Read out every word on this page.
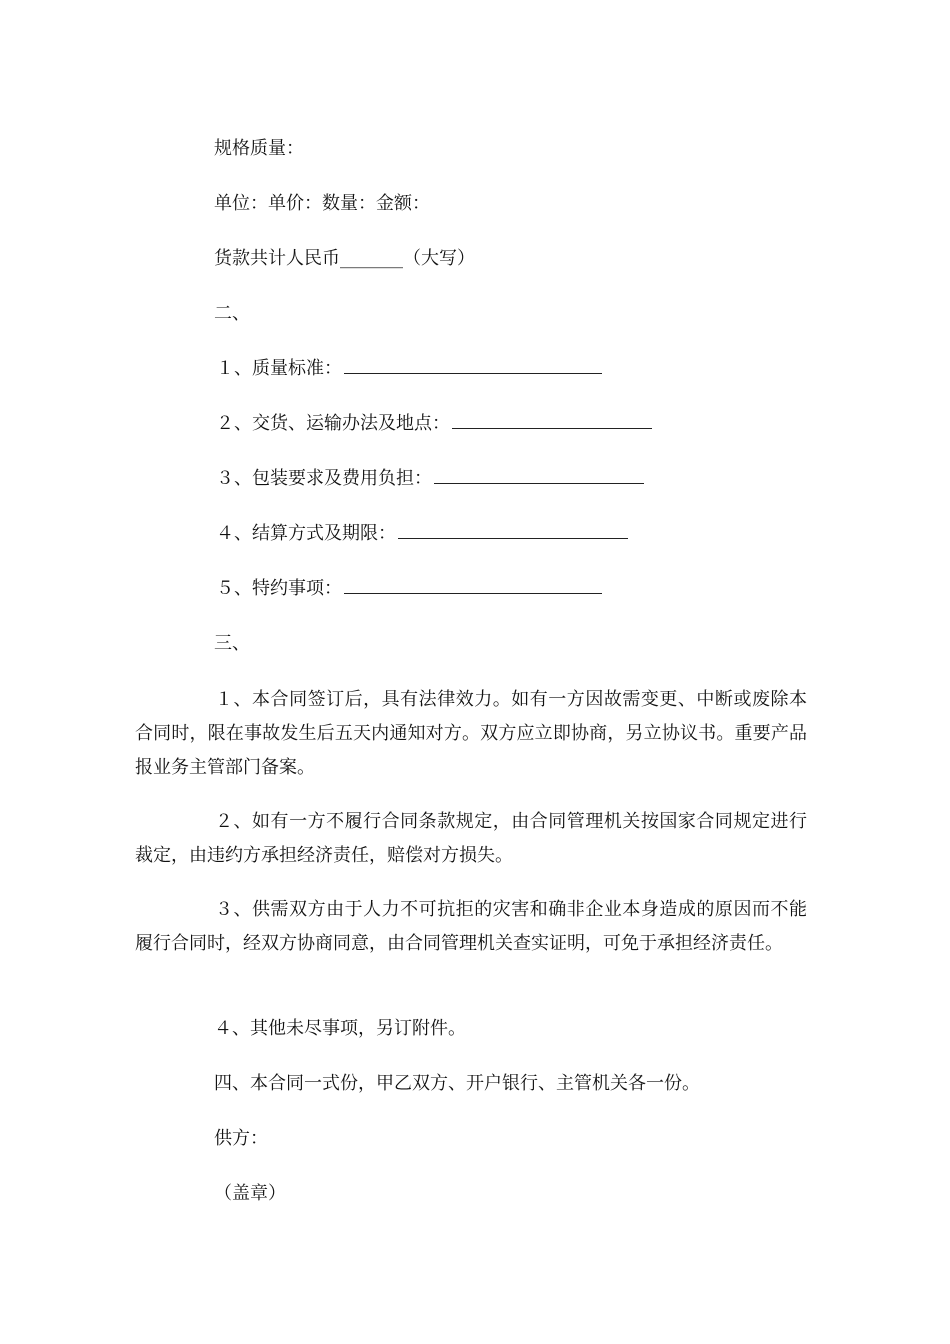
规格质量：
单位：单价：数量：金额：
货款共计人民币_______（大写）
二、
１、质量标准：
２、交货、运输办法及地点：
３、包装要求及费用负担：
４、结算方式及期限：
５、特约事项：
三、
１、本合同签订后，具有法律效力。如有一方因故需变更、中断或废除本合同时，限在事故发生后五天内通知对方。双方应立即协商，另立协议书。重要产品报业务主管部门备案。
２、如有一方不履行合同条款规定，由合同管理机关按国家合同规定进行裁定，由违约方承担经济责任，赔偿对方损失。
３、供需双方由于人力不可抗拒的灾害和确非企业本身造成的原因而不能履行合同时，经双方协商同意，由合同管理机关查实证明，可免于承担经济责任。
４、其他未尽事项，另订附件。
四、本合同一式份，甲乙双方、开户银行、主管机关各一份。
供方：
（盖章）
